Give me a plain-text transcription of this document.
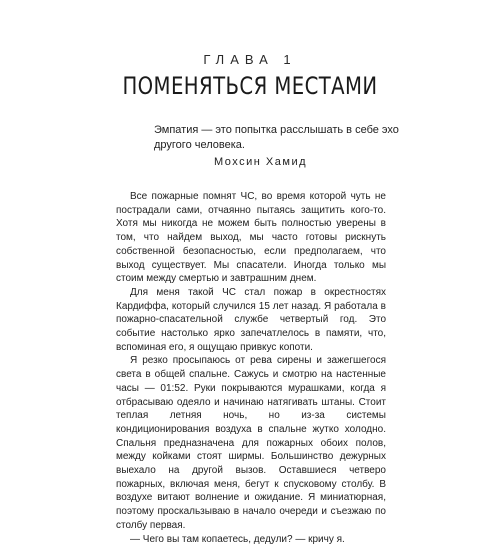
ГЛАВА 1
ПОМЕНЯТЬСЯ МЕСТАМИ
Эмпатия — это попытка расслышать в себе эхо другого человека.
Мохсин Хамид

Все пожарные помнят ЧС, во время которой чуть не пострадали сами, отчаянно пытаясь защитить кого-то. Хотя мы никогда не можем быть полностью уверены в том, что найдем выход, мы часто готовы рискнуть собственной безопасностью, если предполагаем, что выход существует. Мы спасатели. Иногда только мы стоим между смертью и завтрашним днем.

Для меня такой ЧС стал пожар в окрестностях Кардиффа, который случился 15 лет назад. Я работала в пожарно-спасательной службе четвертый год. Это событие настолько ярко запечатлелось в памяти, что, вспоминая его, я ощущаю привкус копоти.

Я резко просыпаюсь от рева сирены и зажегшегося света в общей спальне. Сажусь и смотрю на настенные часы — 01:52. Руки покрываются мурашками, когда я отбрасываю одеяло и начинаю натягивать штаны. Стоит теплая летняя ночь, но из-за системы кондиционирования воздуха в спальне жутко холодно. Спальня предназначена для пожарных обоих полов, между койками стоят ширмы. Большинство дежурных выехало на другой вызов. Оставшиеся четверо пожарных, включая меня, бегут к спусковому столбу. В воздухе витают волнение и ожидание. Я миниатюрная, поэтому проскальзываю в начало очереди и съезжаю по столбу первая.

— Чего вы там копаетесь, дедули? — кричу я.
